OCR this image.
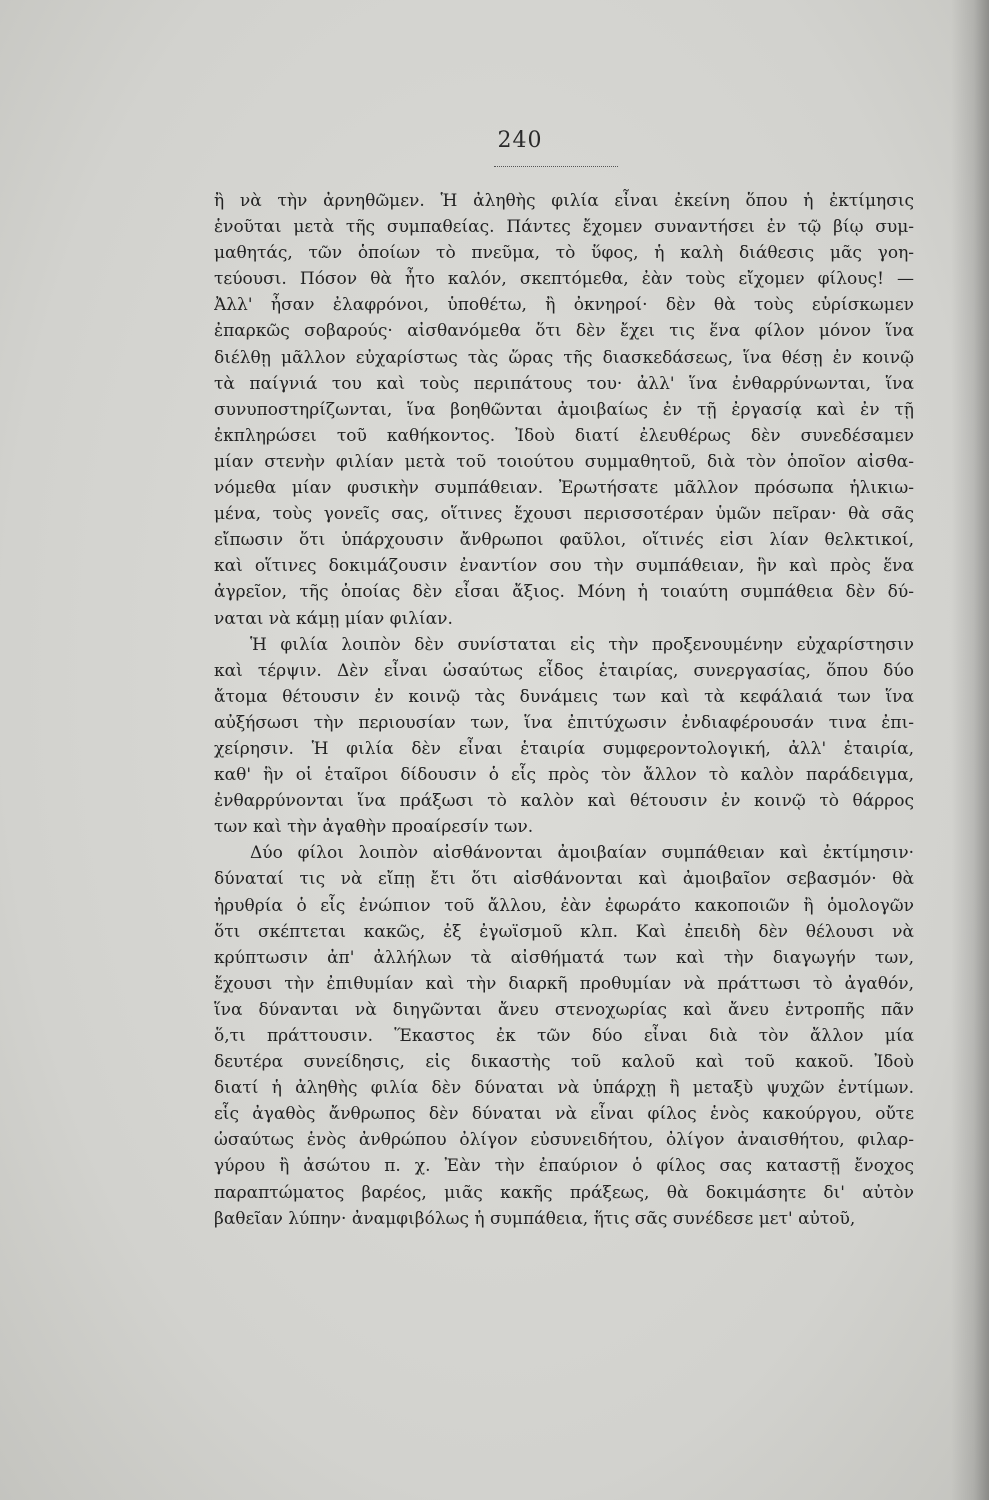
240
ἢ νὰ τὴν ἀρνηθῶμεν. Ἡ ἀληθὴς φιλία εἶναι ἐκείνη ὅπου ἡ ἐκτίμησις
ἑνοῦται μετὰ τῆς συμπαθείας. Πάντες ἔχομεν συναντήσει ἐν τῷ βίῳ συμ-
μαθητάς, τῶν ὁποίων τὸ πνεῦμα, τὸ ὕφος, ἡ καλὴ διάθεσις μᾶς γοη-
τεύουσι. Πόσον θὰ ἦτο καλόν, σκεπτόμεθα, ἐὰν τοὺς εἴχομεν φίλους! —
Ἀλλ' ἦσαν ἐλαφρόνοι, ὑποθέτω, ἢ ὀκνηροί· δὲν θὰ τοὺς εὑρίσκωμεν
ἐπαρκῶς σοβαρούς· αἰσθανόμεθα ὅτι δὲν ἔχει τις ἕνα φίλον μόνον ἵνα
διέλθῃ μᾶλλον εὐχαρίστως τὰς ὥρας τῆς διασκεδάσεως, ἵνα θέσῃ ἐν κοινῷ
τὰ παίγνιά του καὶ τοὺς περιπάτους του· ἀλλ' ἵνα ἐνθαρρύνωνται, ἵνα
συνυποστηρίζωνται, ἵνα βοηθῶνται ἀμοιβαίως ἐν τῇ ἐργασίᾳ καὶ ἐν τῇ
ἐκπληρώσει τοῦ καθήκοντος. Ἰδοὺ διατί ἐλευθέρως δὲν συνεδέσαμεν
μίαν στενὴν φιλίαν μετὰ τοῦ τοιούτου συμμαθητοῦ, διὰ τὸν ὁποῖον αἰσθα-
νόμεθα μίαν φυσικὴν συμπάθειαν. Ἐρωτήσατε μᾶλλον πρόσωπα ἡλικιω-
μένα, τοὺς γονεῖς σας, οἵτινες ἔχουσι περισσοτέραν ὑμῶν πεῖραν· θὰ σᾶς
εἴπωσιν ὅτι ὑπάρχουσιν ἄνθρωποι φαῦλοι, οἵτινές εἰσι λίαν θελκτικοί,
καὶ οἵτινες δοκιμάζουσιν ἐναντίον σου τὴν συμπάθειαν, ἣν καὶ πρὸς ἕνα
ἀγρεῖον, τῆς ὁποίας δὲν εἶσαι ἄξιος. Μόνη ἡ τοιαύτη συμπάθεια δὲν δύ-
ναται νὰ κάμῃ μίαν φιλίαν.
Ἡ φιλία λοιπὸν δὲν συνίσταται εἰς τὴν προξενουμένην εὐχαρίστησιν
καὶ τέρψιν. Δὲν εἶναι ὡσαύτως εἶδος ἑταιρίας, συνεργασίας, ὅπου δύο
ἄτομα θέτουσιν ἐν κοινῷ τὰς δυνάμεις των καὶ τὰ κεφάλαιά των ἵνα
αὐξήσωσι τὴν περιουσίαν των, ἵνα ἐπιτύχωσιν ἐνδιαφέρουσάν τινα ἐπι-
χείρησιν. Ἡ φιλία δὲν εἶναι ἑταιρία συμφεροντολογική, ἀλλ' ἑταιρία,
καθ' ἣν οἱ ἑταῖροι δίδουσιν ὁ εἷς πρὸς τὸν ἄλλον τὸ καλὸν παράδειγμα,
ἐνθαρρύνονται ἵνα πράξωσι τὸ καλὸν καὶ θέτουσιν ἐν κοινῷ τὸ θάρρος
των καὶ τὴν ἀγαθὴν προαίρεσίν των.
Δύο φίλοι λοιπὸν αἰσθάνονται ἀμοιβαίαν συμπάθειαν καὶ ἐκτίμησιν·
δύναταί τις νὰ εἴπῃ ἔτι ὅτι αἰσθάνονται καὶ ἀμοιβαῖον σεβασμόν· θὰ
ἠρυθρία ὁ εἷς ἐνώπιον τοῦ ἄλλου, ἐὰν ἐφωράτο κακοποιῶν ἢ ὁμολογῶν
ὅτι σκέπτεται κακῶς, ἐξ ἐγωϊσμοῦ κλπ. Καὶ ἐπειδὴ δὲν θέλουσι νὰ
κρύπτωσιν ἀπ' ἀλλήλων τὰ αἰσθήματά των καὶ τὴν διαγωγήν των,
ἔχουσι τὴν ἐπιθυμίαν καὶ τὴν διαρκῆ προθυμίαν νὰ πράττωσι τὸ ἀγαθόν,
ἵνα δύνανται νὰ διηγῶνται ἄνευ στενοχωρίας καὶ ἄνευ ἐντροπῆς πᾶν
ὅ,τι πράττουσιν. Ἕκαστος ἐκ τῶν δύο εἶναι διὰ τὸν ἄλλον μία
δευτέρα συνείδησις, εἰς δικαστὴς τοῦ καλοῦ καὶ τοῦ κακοῦ. Ἰδοὺ
διατί ἡ ἀληθὴς φιλία δὲν δύναται νὰ ὑπάρχῃ ἢ μεταξὺ ψυχῶν ἐντίμων.
εἷς ἀγαθὸς ἄνθρωπος δὲν δύναται νὰ εἶναι φίλος ἑνὸς κακούργου, οὔτε
ὡσαύτως ἑνὸς ἀνθρώπου ὀλίγον εὐσυνειδήτου, ὀλίγον ἀναισθήτου, φιλαρ-
γύρου ἢ ἀσώτου π. χ. Ἐὰν τὴν ἐπαύριον ὁ φίλος σας καταστῇ ἔνοχος
παραπτώματος βαρέος, μιᾶς κακῆς πράξεως, θὰ δοκιμάσητε δι' αὐτὸν
βαθεῖαν λύπην· ἀναμφιβόλως ἡ συμπάθεια, ἥτις σᾶς συνέδεσε μετ' αὐτοῦ,
